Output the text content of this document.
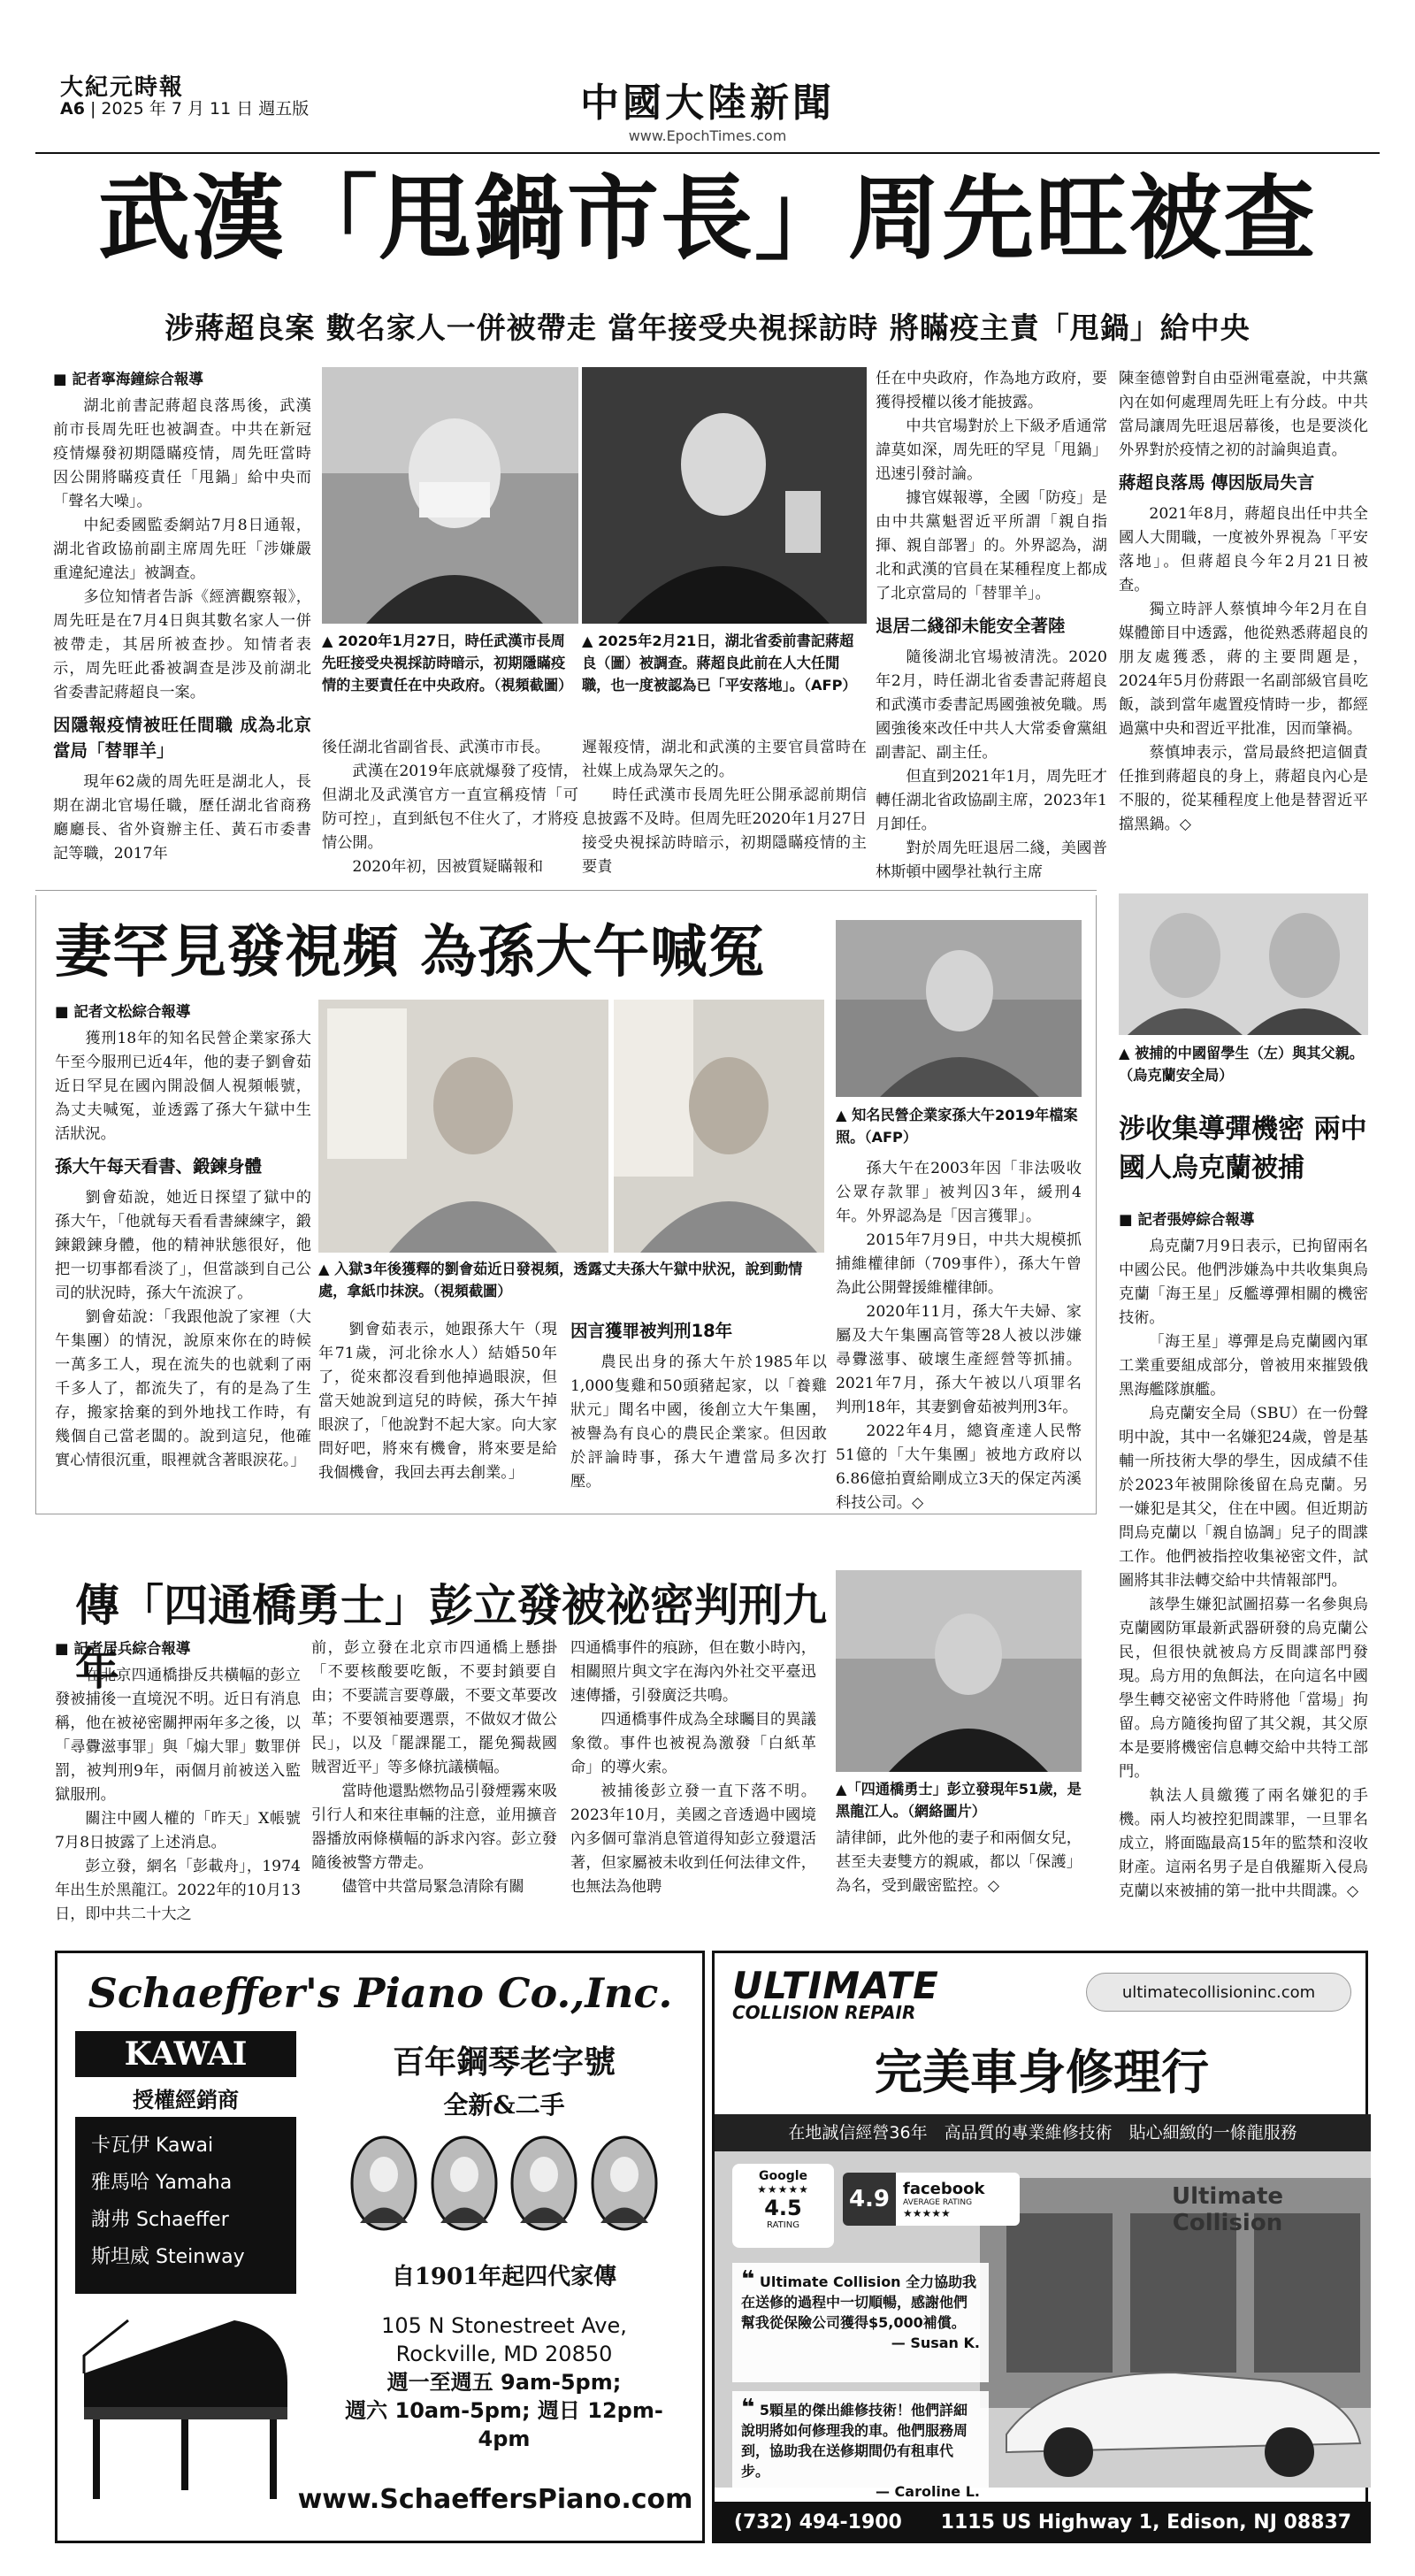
大紀元時報
A6 | 2025 年 7 月 11 日 週五版	中國大陸新聞
www.EpochTimes.com
武漢「甩鍋市長」周先旺被查
涉蔣超良案 數名家人一併被帶走 當年接受央視採訪時 將瞞疫主責「甩鍋」給中央
■ 記者寧海鐘綜合報導

湖北前書記蔣超良落馬後，武漢前市長周先旺也被調查。中共在新冠疫情爆發初期隱瞞疫情，周先旺當時因公開將瞞疫責任「甩鍋」給中央而「聲名大噪」。

中紀委國監委網站7月8日通報，湖北省政協前副主席周先旺「涉嫌嚴重違紀違法」被調查。

多位知情者告訴《經濟觀察報》，周先旺是在7月4日與其數名家人一併被帶走，其居所被查抄。知情者表示，周先旺此番被調查是涉及前湖北省委書記蔣超良一案。

因隱報疫情被旺任間職 成為北京當局「替罪羊」

現年62歲的周先旺是湖北人，長期在湖北官場任職，歷任湖北省商務廳廳長、省外資辦主任、黃石市委書記等職，2017年

▲ 2020年1月27日，時任武漢市長周先旺接受央視採訪時暗示，初期隱瞞疫情的主要責任在中央政府。（視頻截圖）
▲ 2025年2月21日，湖北省委前書記蔣超良（圖）被調查。蔣超良此前在人大任閒職，也一度被認為已「平安落地」。（AFP）

後任湖北省副省長、武漢市市長。

武漢在2019年底就爆發了疫情，但湖北及武漢官方一直宣稱疫情「可防可控」，直到紙包不住火了，才將疫情公開。

2020年初，因被質疑瞞報和

遲報疫情，湖北和武漢的主要官員當時在社媒上成為眾矢之的。

時任武漢市長周先旺公開承認前期信息披露不及時。但周先旺2020年1月27日接受央視採訪時暗示，初期隱瞞疫情的主要責

任在中央政府，作為地方政府，要獲得授權以後才能披露。

中共官場對於上下級矛盾通常諱莫如深，周先旺的罕見「甩鍋」迅速引發討論。

據官媒報導，全國「防疫」是由中共黨魁習近平所謂「親自指揮、親自部署」的。外界認為，湖北和武漢的官員在某種程度上都成了北京當局的「替罪羊」。

退居二綫卻未能安全著陸

隨後湖北官場被清洗。2020年2月，時任湖北省委書記蔣超良和武漢市委書記馬國強被免職。馬國強後來改任中共人大常委會黨組副書記、副主任。

但直到2021年1月，周先旺才轉任湖北省政協副主席，2023年1月卸任。

對於周先旺退居二綫，美國普林斯頓中國學社執行主席

陳奎德曾對自由亞洲電臺說，中共黨內在如何處理周先旺上有分歧。中共當局讓周先旺退居幕後，也是要淡化外界對於疫情之初的討論與追責。

蔣超良落馬 傳因版局失言

2021年8月，蔣超良出任中共全國人大閒職，一度被外界視為「平安落地」。但蔣超良今年2月21日被查。

獨立時評人蔡慎坤今年2月在自媒體節目中透露，他從熟悉蔣超良的朋友處獲悉，蔣的主要問題是，2024年5月份蔣跟一名副部級官員吃飯，談到當年處置疫情時一步，都經過黨中央和習近平批准，因而肇禍。

蔡慎坤表示，當局最終把這個責任推到蔣超良的身上，蔣超良內心是不服的，從某種程度上他是替習近平擋黑鍋。◇

妻罕見發視頻 為孫大午喊冤
■ 記者文松綜合報導

獲刑18年的知名民營企業家孫大午至今服刑已近4年，他的妻子劉會茹近日罕見在國內開設個人視頻帳號，為丈夫喊冤，並透露了孫大午獄中生活狀況。

孫大午每天看書、鍛鍊身體

劉會茹說，她近日探望了獄中的孫大午，「他就每天看看書練練字，鍛鍊鍛鍊身體，他的精神狀態很好，他把一切事都看淡了」，但當談到自己公司的狀況時，孫大午流淚了。

劉會茹說：「我跟他說了家裡（大午集團）的情況，說原來你在的時候一萬多工人，現在流失的也就剩了兩千多人了，都流失了，有的是為了生存，搬家捨棄的到外地找工作時，有幾個自己當老闆的。說到這兒，他確實心情很沉重，眼裡就含著眼淚花。」

▲ 入獄3年後獲釋的劉會茹近日發視頻，透露丈夫孫大午獄中狀況，說到動情處，拿紙巾抹淚。（視頻截圖）

劉會茹表示，她跟孫大午（現年71歲，河北徐水人）結婚50年了，從來都沒看到他掉過眼淚，但當天她說到這兒的時候，孫大午掉眼淚了，「他說對不起大家。向大家問好吧，將來有機會，將來要是給我個機會，我回去再去創業。」

因言獲罪被判刑18年

農民出身的孫大午於1985年以1,000隻雞和50頭豬起家，以「養雞狀元」聞名中國，後創立大午集團，被譽為有良心的農民企業家。但因敢於評論時事，孫大午遭當局多次打壓。

▲ 知名民營企業家孫大午2019年檔案照。（AFP）

孫大午在2003年因「非法吸收公眾存款罪」被判囚3年，緩刑4年。外界認為是「因言獲罪」。

2015年7月9日，中共大規模抓捕維權律師（709事件），孫大午曾為此公開聲援維權律師。

2020年11月，孫大午夫婦、家屬及大午集團高管等28人被以涉嫌尋釁滋事、破壞生產經營等抓捕。2021年7月，孫大午被以八項罪名判刑18年，其妻劉會茹被判刑3年。

2022年4月，總資產達人民幣51億的「大午集團」被地方政府以6.86億拍賣給剛成立3天的保定芮溪科技公司。◇

傳「四通橋勇士」彭立發被祕密判刑九年
■ 記者居兵綜合報導

在北京四通橋掛反共橫幅的彭立發被捕後一直境況不明。近日有消息稱，他在被祕密關押兩年多之後，以「尋釁滋事罪」與「煽大罪」數罪併罰，被判刑9年，兩個月前被送入監獄服刑。

關注中國人權的「昨天」X帳號7月8日披露了上述消息。

彭立發，網名「彭載舟」，1974年出生於黑龍江。2022年的10月13日，即中共二十大之

前，彭立發在北京市四通橋上懸掛「不要核酸要吃飯，不要封鎖要自由；不要謊言要尊嚴，不要文革要改革；不要領袖要選票，不做奴才做公民」，以及「罷課罷工，罷免獨裁國賊習近平」等多條抗議橫幅。

當時他還點燃物品引發煙霧來吸引行人和來往車輛的注意，並用擴音器播放兩條橫幅的訴求內容。彭立發隨後被警方帶走。

儘管中共當局緊急清除有關

四通橋事件的痕跡，但在數小時內，相關照片與文字在海內外社交平臺迅速傳播，引發廣泛共鳴。

四通橋事件成為全球矚目的異議象徵。事件也被視為激發「白紙革命」的導火索。

被捕後彭立發一直下落不明。2023年10月，美國之音透過中國境內多個可靠消息管道得知彭立發還活著，但家屬被未收到任何法律文件，也無法為他聘

▲「四通橋勇士」彭立發現年51歲，是黑龍江人。（網絡圖片）

請律師，此外他的妻子和兩個女兒，甚至夫妻雙方的親戚，都以「保護」為名，受到嚴密監控。◇

▲ 被捕的中國留學生（左）與其父親。（烏克蘭安全局）
涉收集導彈機密 兩中國人烏克蘭被捕
■ 記者張婷綜合報導

烏克蘭7月9日表示，已拘留兩名中國公民。他們涉嫌為中共收集與烏克蘭「海王星」反艦導彈相關的機密技術。

「海王星」導彈是烏克蘭國內軍工業重要組成部分，曾被用來摧毀俄黑海艦隊旗艦。

烏克蘭安全局（SBU）在一份聲明中說，其中一名嫌犯24歲，曾是基輔一所技術大學的學生，因成績不佳於2023年被開除後留在烏克蘭。另一嫌犯是其父，住在中國。但近期訪問烏克蘭以「親自協調」兒子的間諜工作。他們被指控收集祕密文件，試圖將其非法轉交給中共情報部門。

該學生嫌犯試圖招募一名參與烏克蘭國防軍最新武器研發的烏克蘭公民，但很快就被烏方反間諜部門發現。烏方用的魚餌法，在向這名中國學生轉交祕密文件時將他「當場」拘留。烏方隨後拘留了其父親，其父原本是要將機密信息轉交給中共特工部門。

執法人員繳獲了兩名嫌犯的手機。兩人均被控犯間諜罪，一旦罪名成立，將面臨最高15年的監禁和沒收財產。這兩名男子是自俄羅斯入侵烏克蘭以來被捕的第一批中共間諜。◇

Schaeffer's Piano Co.,Inc.
KAWAI
授權經銷商
卡瓦伊 Kawai
雅馬哈 Yamaha
謝弗 Schaeffer
斯坦威 Steinway
百年鋼琴老字號
全新&二手
自1901年起四代家傳
105 N Stonestreet Ave,
Rockville, MD 20850
週一至週五 9am-5pm;
週六 10am-5pm; 週日 12pm-4pm
www.SchaeffersPiano.com
ULTIMATE
COLLISION REPAIR
ultimatecollisioninc.com
完美車身修理行
在地誠信經營36年　高品質的專業維修技術　貼心細緻的一條龍服務
Ultimate Collision
Google
★★★★★
4.5
RATING
4.9 facebook
AVERAGE RATING
★★★★★
❝ Ultimate Collision 全力協助我在送修的過程中一切順暢，感謝他們幫我從保險公司獲得$5,000補償。
— Susan K.
❝ 5顆星的傑出維修技術！他們詳細說明將如何修理我的車。他們服務周到，協助我在送修期間仍有租車代步。
— Caroline L.
(732) 494-1900 1115 US Highway 1, Edison, NJ 08837
